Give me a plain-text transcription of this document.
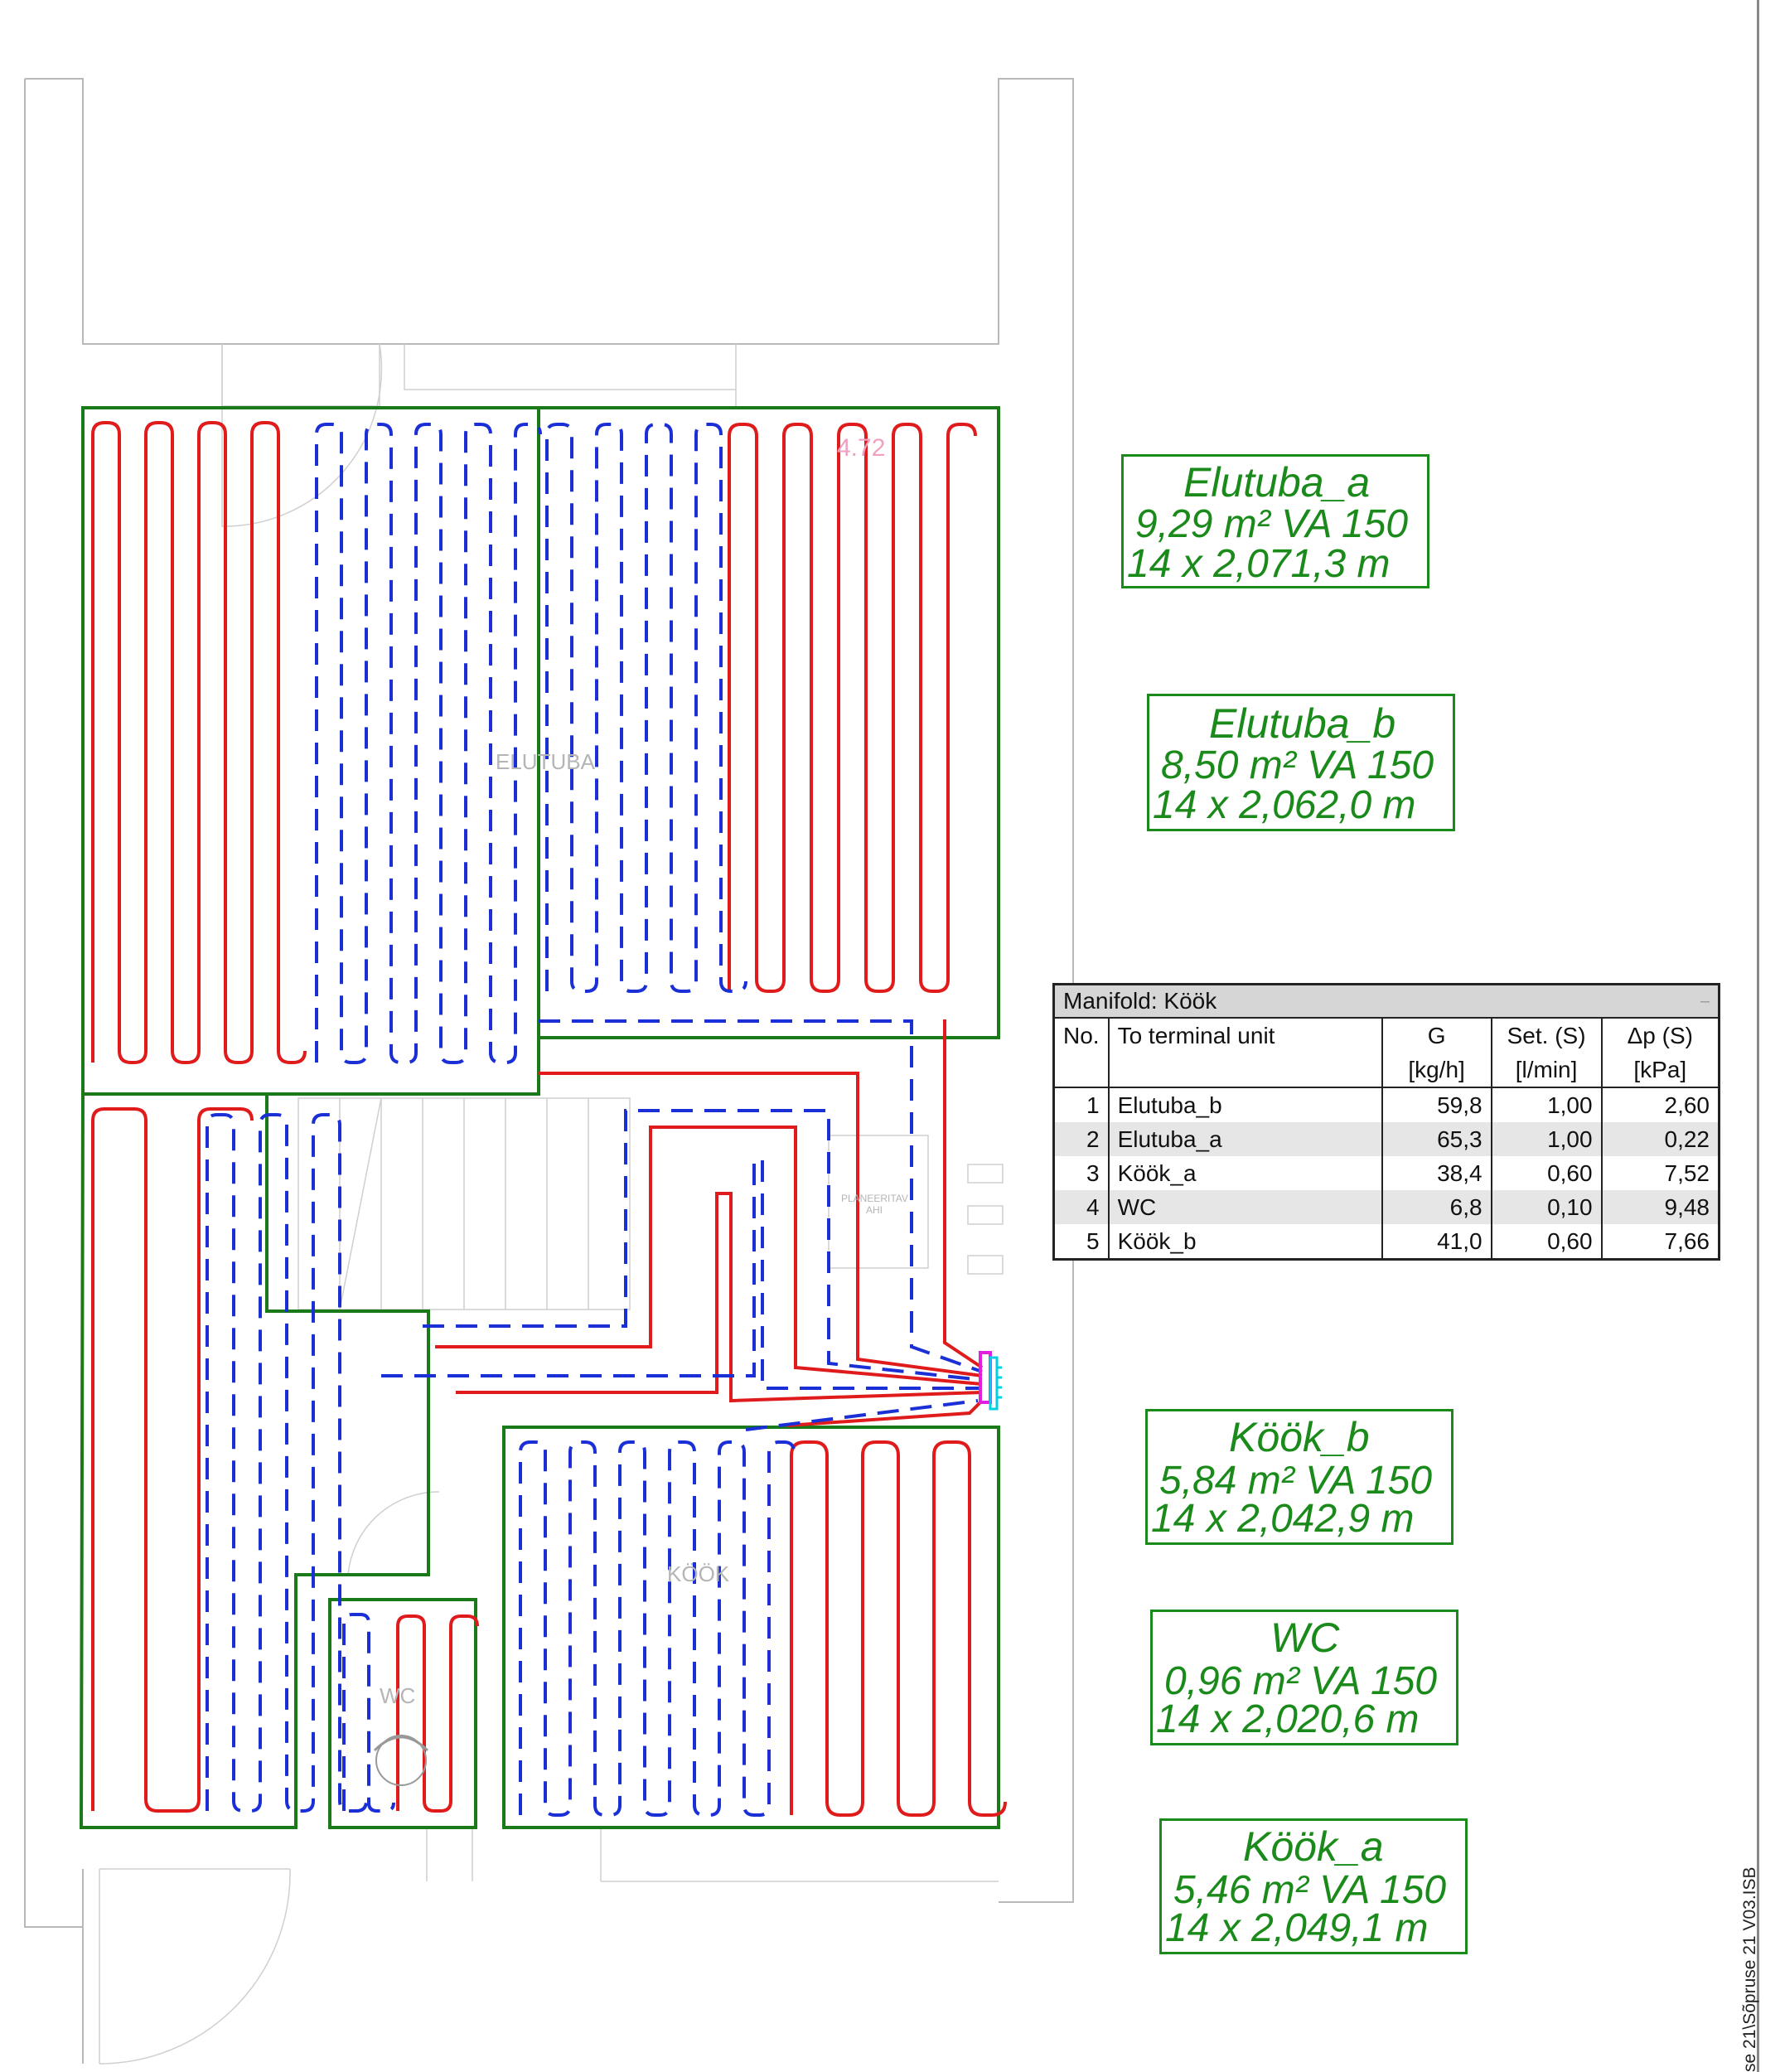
ELUTUBA
KÖÖK
WC
4.72
PLANEERITAV
AHI
Elutuba_a
9,29 m² VA 150
14 x 2,071,3 m
Elutuba_b
8,50 m² VA 150
14 x 2,062,0 m
Köök_b
5,84 m² VA 150
14 x 2,042,9 m
WC
0,96 m² VA 150
14 x 2,020,6 m
Köök_a
5,46 m² VA 150
14 x 2,049,1 m
Manifold: Köök	–
No.	To terminal unit	G	Set. (S)	Δp (S)
		[kg/h]	[l/min]	[kPa]
1	Elutuba_b	59,8	1,00	2,60
2	Elutuba_a	65,3	1,00	0,22
3	Köök_a	38,4	0,60	7,52
4	WC	6,8	0,10	9,48
5	Köök_b	41,0	0,60	7,66
se 21\Sõpruse 21 V03.ISB
